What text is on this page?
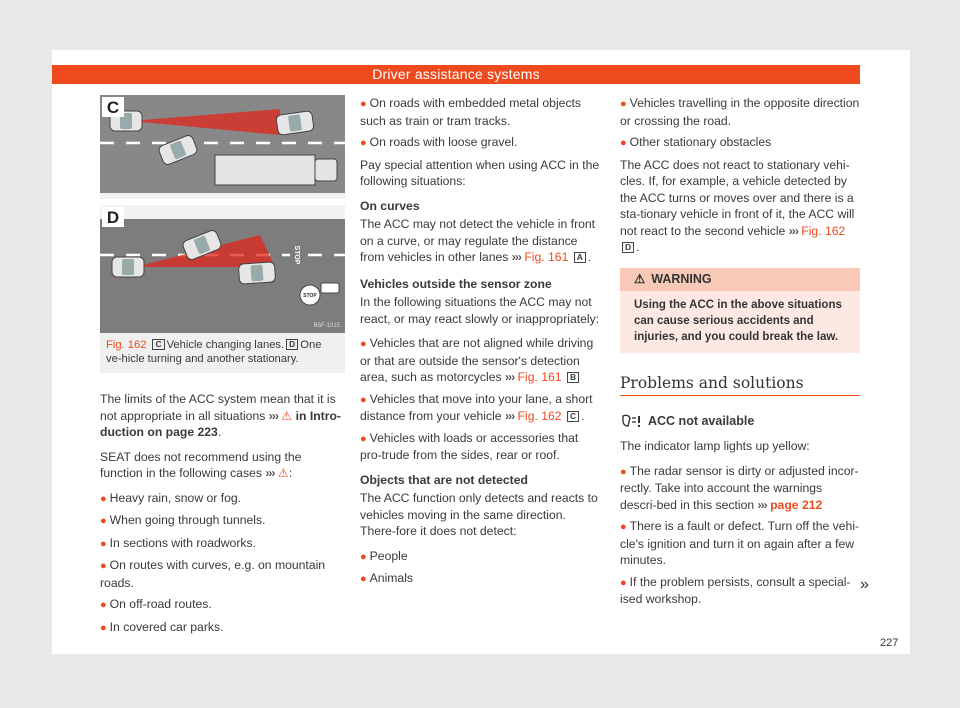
Driver assistance systems
C
D
STOP
STOP
B5F-1015
Fig. 162 C Vehicle changing lanes. D One ve-hicle turning and another stationary.

The limits of the ACC system mean that it is not appropriate in all situations ››› ⚠ in Intro-duction on page 223.

SEAT does not recommend using the function in the following cases ››› ⚠:

● Heavy rain, snow or fog.
● When going through tunnels.
● In sections with roadworks.
● On routes with curves, e.g. on mountain roads.
● On off-road routes.
● In covered car parks.
● On roads with embedded metal objects such as train or tram tracks.
● On roads with loose gravel.

Pay special attention when using ACC in the following situations:

On curves

The ACC may not detect the vehicle in front on a curve, or may regulate the distance from vehicles in other lanes ››› Fig. 161 A .

Vehicles outside the sensor zone

In the following situations the ACC may not react, or may react slowly or inappropriately:

● Vehicles that are not aligned while driving or that are outside the sensor's detection area, such as motorcycles ››› Fig. 161 B
● Vehicles that move into your lane, a short distance from your vehicle ››› Fig. 162 C .
● Vehicles with loads or accessories that pro-trude from the sides, rear or roof.

Objects that are not detected

The ACC function only detects and reacts to vehicles moving in the same direction. There-fore it does not detect:

● People
● Animals
● Vehicles travelling in the opposite direction or crossing the road.
● Other stationary obstacles

The ACC does not react to stationary vehi-cles. If, for example, a vehicle detected by the ACC turns or moves over and there is a sta-tionary vehicle in front of it, the ACC will not react to the second vehicle ››› Fig. 162 D .

⚠ WARNING
Using the ACC in the above situations can cause serious accidents and injuries, and you could break the law.
Problems and solutions
ACC not available

The indicator lamp lights up yellow:

● The radar sensor is dirty or adjusted incor-rectly. Take into account the warnings descri-bed in this section ››› page 212
● There is a fault or defect. Turn off the vehi-cle's ignition and turn it on again after a few minutes.
● If the problem persists, consult a special-ised workshop.
»
227
